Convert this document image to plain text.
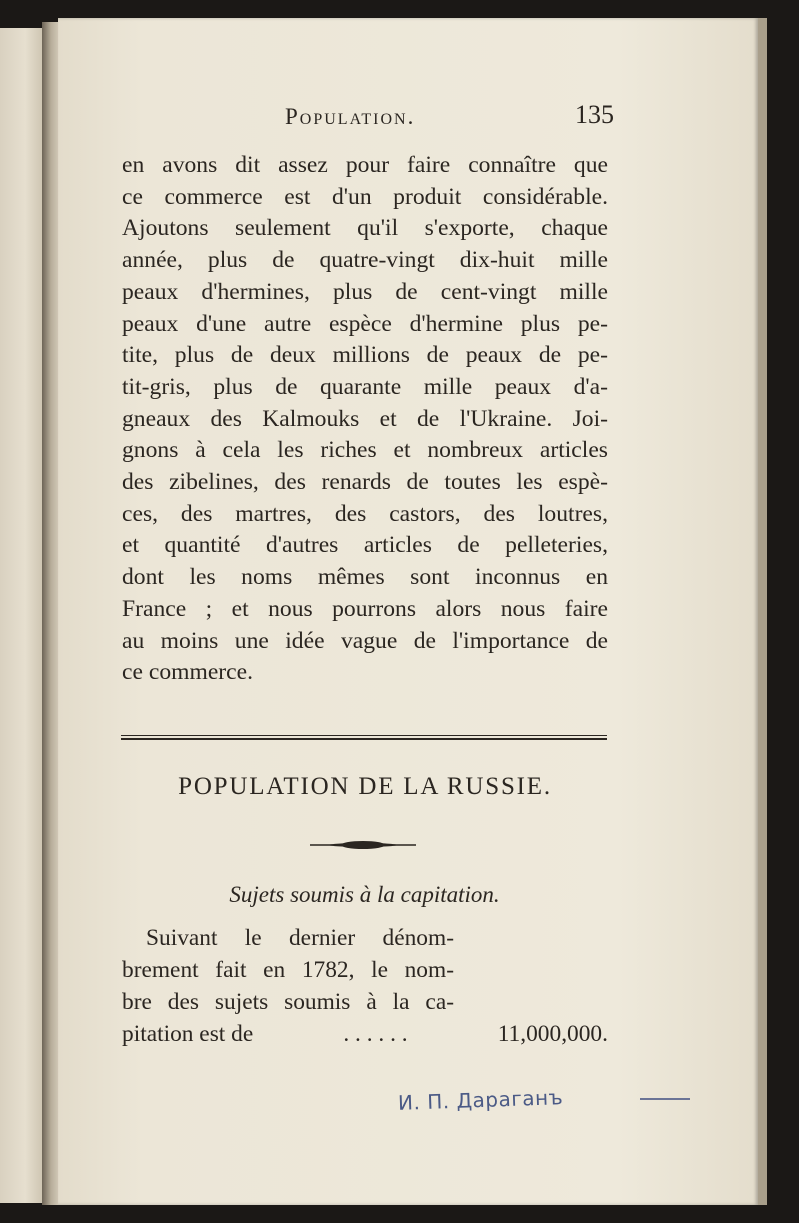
Population.	135
en avons dit assez pour faire connaître que
ce commerce est d'un produit considérable.
Ajoutons seulement qu'il s'exporte, chaque
année, plus de quatre-vingt dix-huit mille
peaux d'hermines, plus de cent-vingt mille
peaux d'une autre espèce d'hermine plus pe-
tite, plus de deux millions de peaux de pe-
tit-gris, plus de quarante mille peaux d'a-
gneaux des Kalmouks et de l'Ukraine. Joi-
gnons à cela les riches et nombreux articles
des zibelines, des renards de toutes les espè-
ces, des martres, des castors, des loutres,
et quantité d'autres articles de pelleteries,
dont les noms mêmes sont inconnus en
France ; et nous pourrons alors nous faire
au moins une idée vague de l'importance de
ce commerce.
POPULATION DE LA RUSSIE.
Sujets soumis à la capitation.
Suivant le dernier dénom-
brement fait en 1782, le nom-
bre des sujets soumis à la ca-
pitation est de	. . . . . .	11,000,000.
И. П. Дараганъ
